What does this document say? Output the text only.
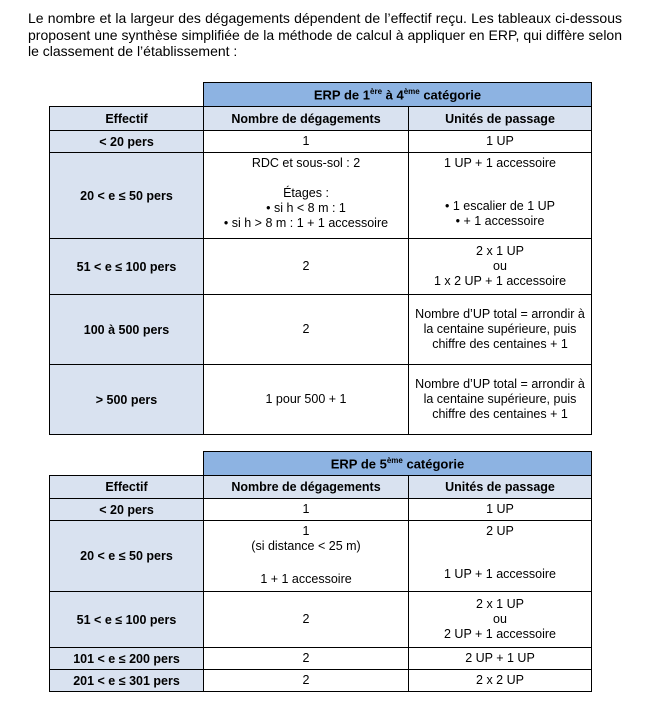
Le nombre et la largeur des dégagements dépendent de l’effectif reçu. Les tableaux ci-dessous proposent une synthèse simplifiée de la méthode de calcul à appliquer en ERP, qui diffère selon le classement de l’établissement :

	ERP de 1ère à 4ème catégorie	
Effectif	Nombre de dégagements	Unités de passage
< 20 pers	1	1 UP
20 < e ≤ 50 pers	RDC et sous-sol : 2
Étages :
• si h < 8 m : 1
• si h > 8 m : 1 + 1 accessoire	1 UP + 1 accessoire
• 1 escalier de 1 UP
• + 1 accessoire
51 < e ≤ 100 pers	2	2 x 1 UP
ou
1 x 2 UP + 1 accessoire
100 à 500 pers	2	Nombre d’UP total = arrondir à la centaine supérieure, puis chiffre des centaines + 1
> 500 pers	1 pour 500 + 1	Nombre d’UP total = arrondir à la centaine supérieure, puis chiffre des centaines + 1
	ERP de 5ème catégorie	
Effectif	Nombre de dégagements	Unités de passage
< 20 pers	1	1 UP
20 < e ≤ 50 pers	1
(si distance < 25 m)
1 + 1 accessoire	2 UP
1 UP + 1 accessoire
51 < e ≤ 100 pers	2	2 x 1 UP
ou
2 UP + 1 accessoire
101 < e ≤ 200 pers	2	2 UP + 1 UP
201 < e ≤ 301 pers	2	2 x 2 UP
